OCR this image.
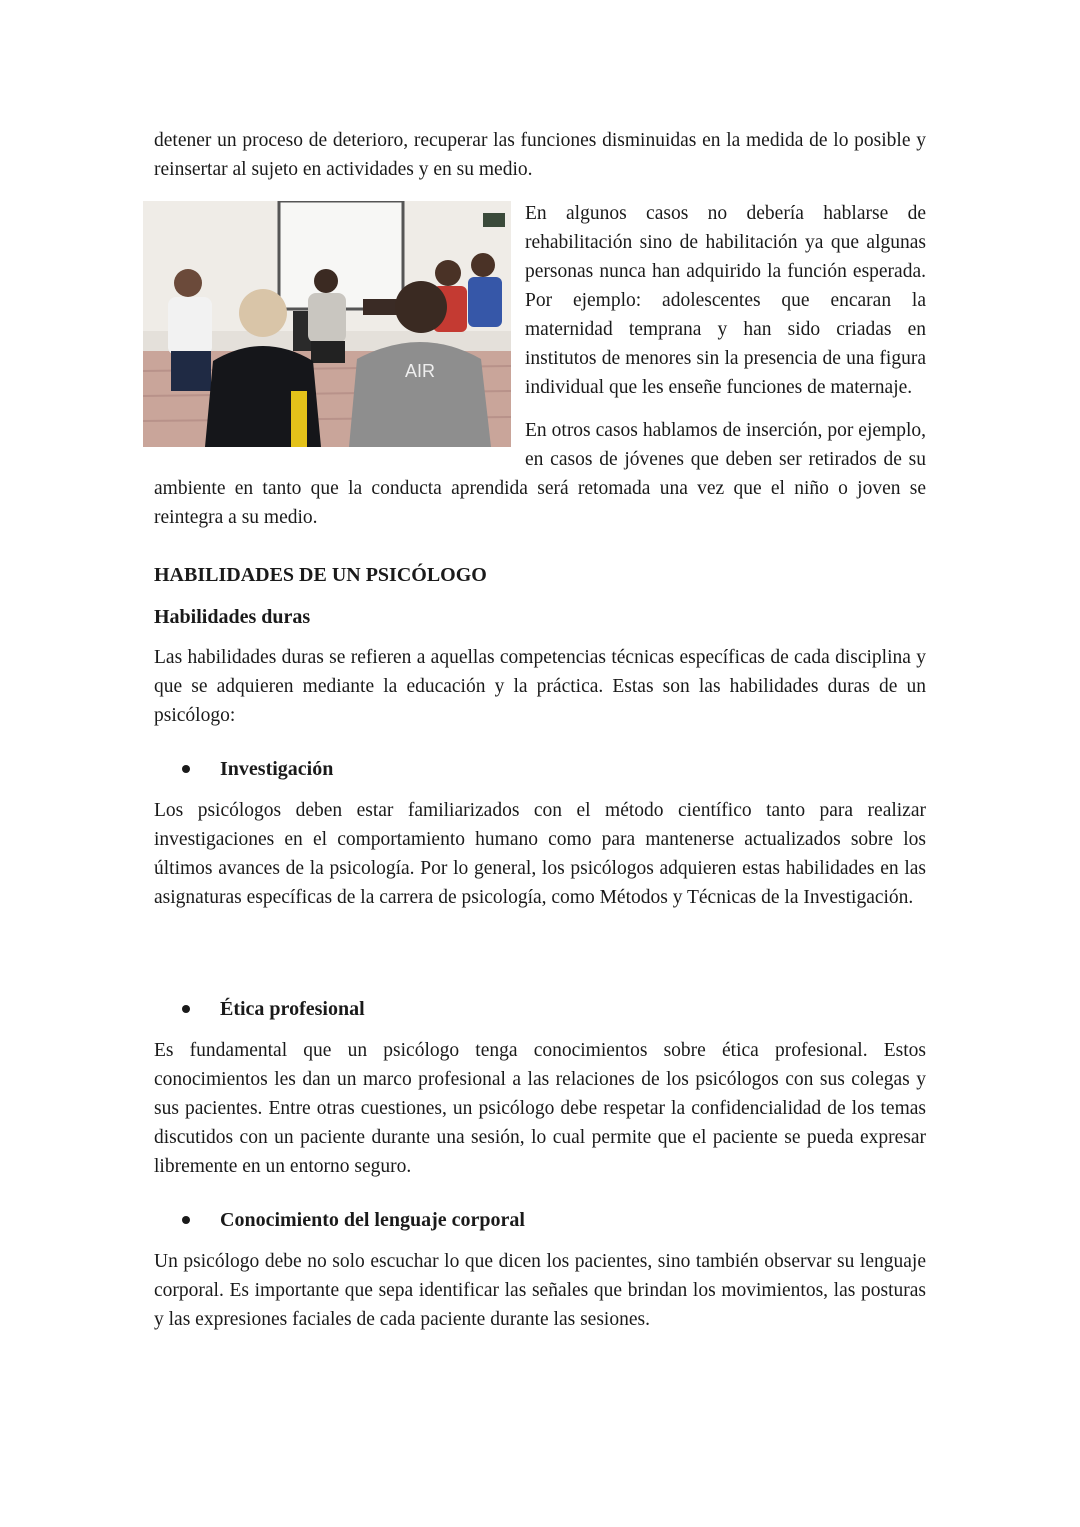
detener un proceso de deterioro, recuperar las funciones disminuidas en la medida de lo posible y reinsertar al sujeto en actividades y en su medio.

AIR

En algunos casos no debería hablarse de rehabilitación sino de habilitación ya que algunas personas nunca han adquirido la función esperada. Por ejemplo: adolescentes que encaran la maternidad temprana y han sido criadas en institutos de menores sin la presencia de una figura individual que les enseñe funciones de maternaje.

En otros casos hablamos de inserción, por ejemplo, en casos de jóvenes que deben ser retirados de su ambiente en tanto que la conducta aprendida será retomada una vez que el niño o joven se reintegra a su medio.

HABILIDADES DE UN PSICÓLOGO
Habilidades duras

Las habilidades duras se refieren a aquellas competencias técnicas específicas de cada disciplina y que se adquieren mediante la educación y la práctica. Estas son las habilidades duras de un psicólogo:

Investigación

Los psicólogos deben estar familiarizados con el método científico tanto para realizar investigaciones en el comportamiento humano como para mantenerse actualizados sobre los últimos avances de la psicología. Por lo general, los psicólogos adquieren estas habilidades en las asignaturas específicas de la carrera de psicología, como Métodos y Técnicas de la Investigación.

Ética profesional

Es fundamental que un psicólogo tenga conocimientos sobre ética profesional. Estos conocimientos les dan un marco profesional a las relaciones de los psicólogos con sus colegas y sus pacientes. Entre otras cuestiones, un psicólogo debe respetar la confidencialidad de los temas discutidos con un paciente durante una sesión, lo cual permite que el paciente se pueda expresar libremente en un entorno seguro.

Conocimiento del lenguaje corporal

Un psicólogo debe no solo escuchar lo que dicen los pacientes, sino también observar su lenguaje corporal. Es importante que sepa identificar las señales que brindan los movimientos, las posturas y las expresiones faciales de cada paciente durante las sesiones.
